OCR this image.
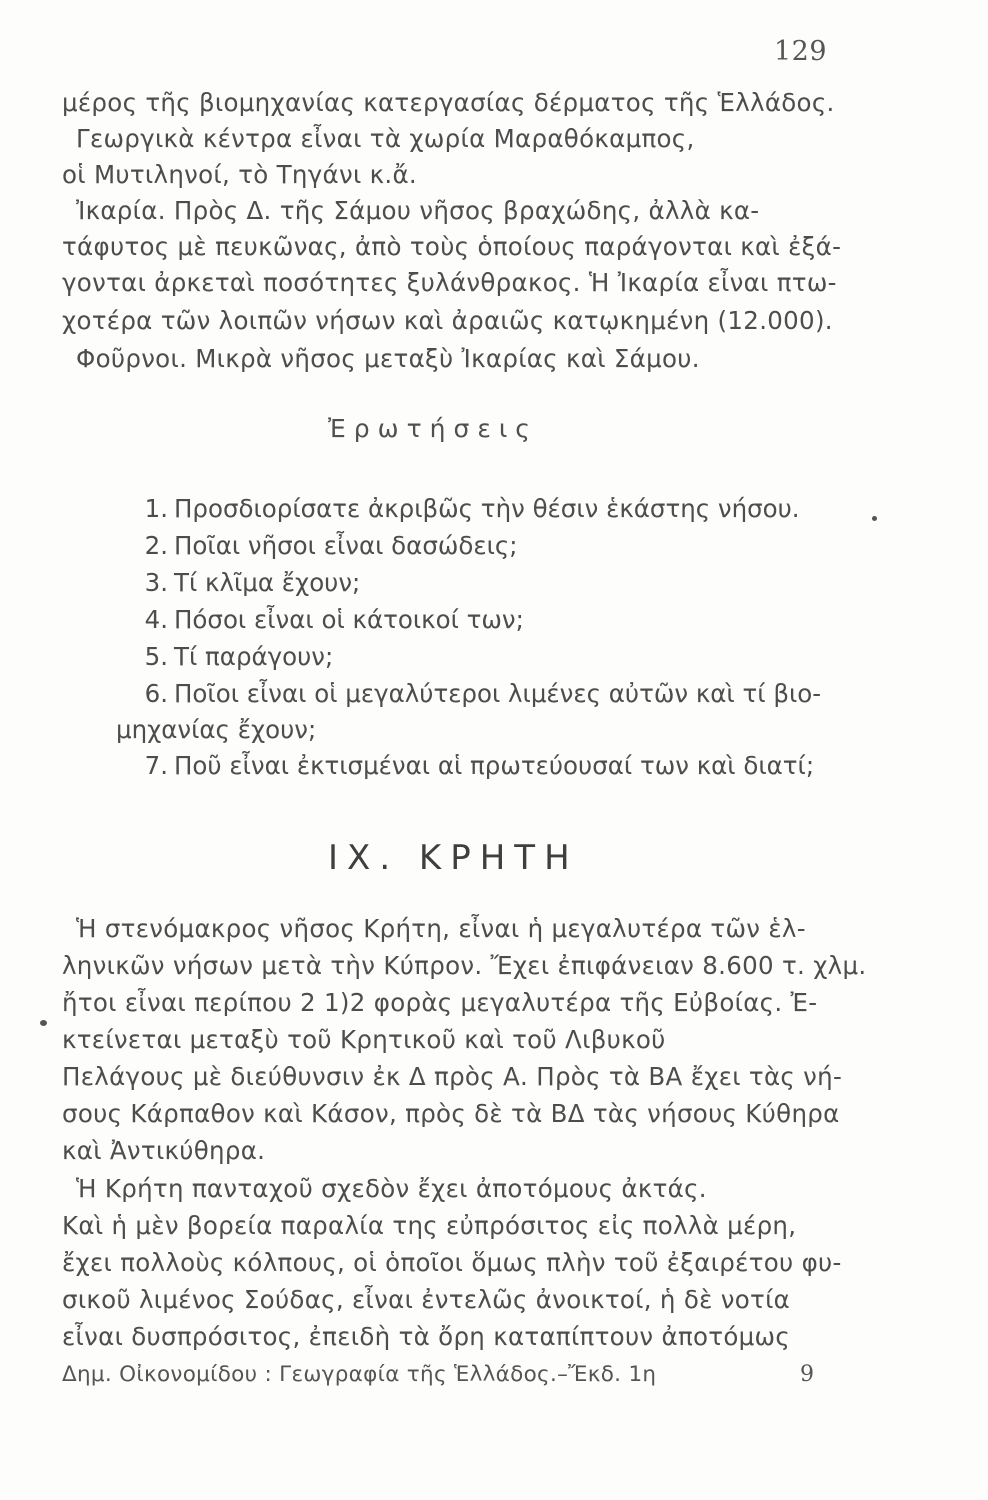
129
μέρος τῆς βιομηχανίας κατεργασίας δέρματος τῆς Ἑλλάδος.
Γεωργικὰ κέντρα εἶναι τὰ χωρία Μαραθόκαμπος,
οἱ Μυτιληνοί, τὸ Τηγάνι κ.ἄ.
Ἰκαρία. Πρὸς Δ. τῆς Σάμου νῆσος βραχώδης, ἀλλὰ κα-
τάφυτος μὲ πευκῶνας, ἀπὸ τοὺς ὁποίους παράγονται καὶ ἐξά-
γονται ἀρκεταὶ ποσότητες ξυλάνθρακος. Ἡ Ἰκαρία εἶναι πτω-
χοτέρα τῶν λοιπῶν νήσων καὶ ἀραιῶς κατῳκημένη (12.000).
Φοῦρνοι. Μικρὰ νῆσος μεταξὺ Ἰκαρίας καὶ Σάμου.
Ἐρωτήσεις
1. Προσδιορίσατε ἀκριβῶς τὴν θέσιν ἑκάστης νήσου.
2. Ποῖαι νῆσοι εἶναι δασώδεις;
3. Τί κλῖμα ἔχουν;
4. Πόσοι εἶναι οἱ κάτοικοί των;
5. Τί παράγουν;
6. Ποῖοι εἶναι οἱ μεγαλύτεροι λιμένες αὐτῶν καὶ τί βιο-
μηχανίας ἔχουν;
7. Ποῦ εἶναι ἐκτισμέναι αἱ πρωτεύουσαί των καὶ διατί;
IX. ΚΡΗΤΗ
Ἡ στενόμακρος νῆσος Κρήτη, εἶναι ἡ μεγαλυτέρα τῶν ἑλ-
ληνικῶν νήσων μετὰ τὴν Κύπρον. Ἔχει ἐπιφάνειαν 8.600 τ. χλμ.
ἤτοι εἶναι περίπου 2 1)2 φορὰς μεγαλυτέρα τῆς Εὐβοίας. Ἐ-
κτείνεται μεταξὺ τοῦ Κρητικοῦ καὶ τοῦ Λιβυκοῦ
Πελάγους μὲ διεύθυνσιν ἐκ Δ πρὸς Α. Πρὸς τὰ ΒΑ ἔχει τὰς νή-
σους Κάρπαθον καὶ Κάσον, πρὸς δὲ τὰ ΒΔ τὰς νήσους Κύθηρα
καὶ Ἀντικύθηρα.
Ἡ Κρήτη πανταχοῦ σχεδὸν ἔχει ἀποτόμους ἀκτάς.
Καὶ ἡ μὲν βορεία παραλία της εὐπρόσιτος εἰς πολλὰ μέρη,
ἔχει πολλοὺς κόλπους, οἱ ὁποῖοι ὅμως πλὴν τοῦ ἐξαιρέτου φυ-
σικοῦ λιμένος Σούδας, εἶναι ἐντελῶς ἀνοικτοί, ἡ δὲ νοτία
εἶναι δυσπρόσιτος, ἐπειδὴ τὰ ὄρη καταπίπτουν ἀποτόμως
Δημ. Οἰκονομίδου : Γεωγραφία τῆς Ἑλλάδος.–Ἔκδ. 1η	9
